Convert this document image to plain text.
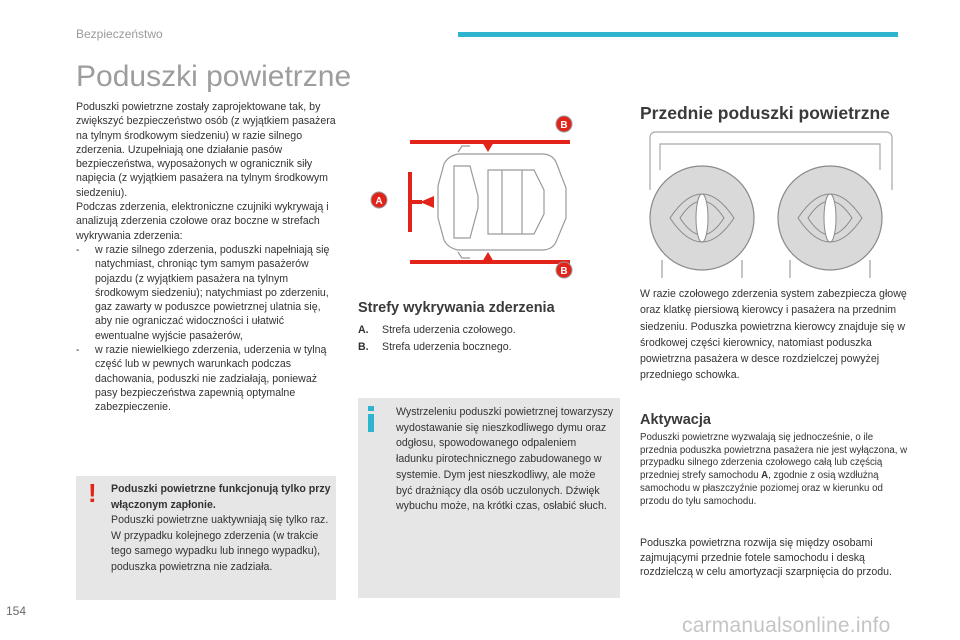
Bezpieczeństwo
Poduszki powietrzne

Poduszki powietrzne zostały zaprojektowane tak, by zwiększyć bezpieczeństwo osób (z wyjątkiem pasażera na tylnym środkowym siedzeniu) w razie silnego zderzenia. Uzupełniają one działanie pasów bezpieczeństwa, wyposażonych w ogranicznik siły napięcia (z wyjątkiem pasażera na tylnym środkowym siedzeniu).

Podczas zderzenia, elektroniczne czujniki wykrywają i analizują zderzenia czołowe oraz boczne w strefach wykrywania zderzenia:

-	w razie silnego zderzenia, poduszki napełniają się natychmiast, chroniąc tym samym pasażerów pojazdu (z wyjątkiem pasażera na tylnym środkowym siedzeniu); natychmiast po zderzeniu, gaz zawarty w poduszce powietrznej ulatnia się, aby nie ograniczać widoczności i ułatwić ewentualne wyjście pasażerów,
-	w razie niewielkiego zderzenia, uderzenia w tylną część lub w pewnych warunkach podczas dachowania, poduszki nie zadziałają, ponieważ pasy bezpieczeństwa zapewnią optymalne zabezpieczenie.
! Poduszki powietrzne funkcjonują tylko przy włączonym zapłonie.
Poduszki powietrzne uaktywniają się tylko raz. W przypadku kolejnego zderzenia (w trakcie tego samego wypadku lub innego wypadku), poduszka powietrzna nie zadziała.
A
B
B
Strefy wykrywania zderzenia
A. Strefa uderzenia czołowego.
B. Strefa uderzenia bocznego.
Wystrzeleniu poduszki powietrznej towarzyszy wydostawanie się nieszkodliwego dymu oraz odgłosu, spowodowanego odpaleniem ładunku pirotechnicznego zabudowanego w systemie. Dym jest nieszkodliwy, ale może być drażniący dla osób uczulonych. Dźwięk wybuchu może, na krótki czas, osłabić słuch.
Przednie poduszki powietrzne
W razie czołowego zderzenia system zabezpiecza głowę oraz klatkę piersiową kierowcy i pasażera na przednim siedzeniu. Poduszka powietrzna kierowcy znajduje się w środkowej części kierownicy, natomiast poduszka powietrzna pasażera w desce rozdzielczej powyżej przedniego schowka.
Aktywacja
Poduszki powietrzne wyzwalają się jednocześnie, o ile przednia poduszka powietrzna pasażera nie jest wyłączona, w przypadku silnego zderzenia czołowego całą lub częścią przedniej strefy samochodu A, zgodnie z osią wzdłużną samochodu w płaszczyźnie poziomej oraz w kierunku od przodu do tyłu samochodu.
Poduszka powietrzna rozwija się między osobami zajmującymi przednie fotele samochodu i deską rozdzielczą w celu amortyzacji szarpnięcia do przodu.
154
carmanualsonline.info
